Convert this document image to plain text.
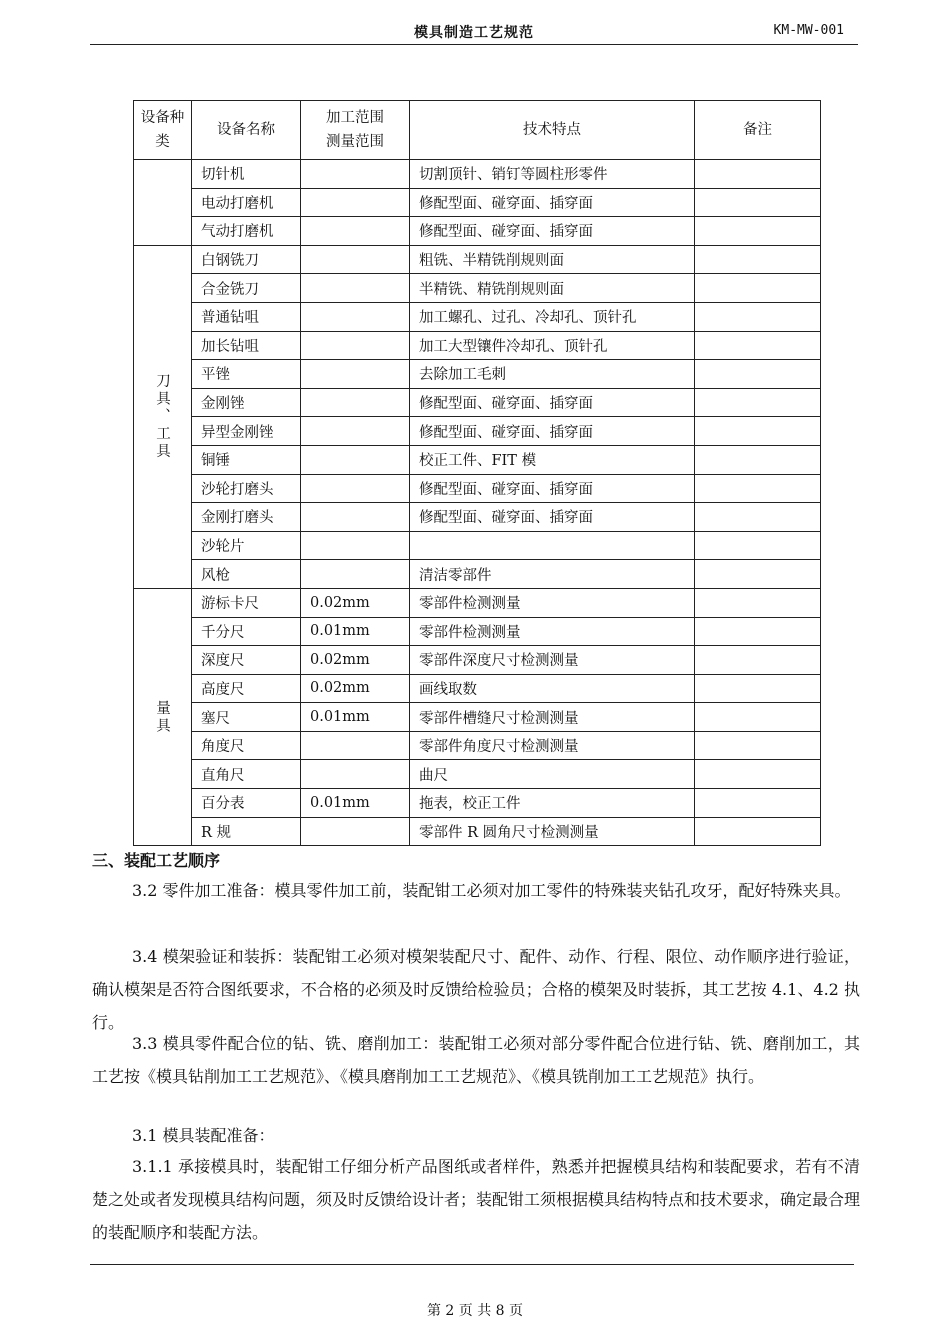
模具制造工艺规范	KM-MW-001
设备种类	设备名称	加工范围测量范围	技术特点	备注
	切针机		切割顶针、销钉等圆柱形零件	
	电动打磨机		修配型面、碰穿面、插穿面	
	气动打磨机		修配型面、碰穿面、插穿面	
刀具、工具	白钢铣刀		粗铣、半精铣削规则面	
	合金铣刀		半精铣、精铣削规则面	
	普通钻咀		加工螺孔、过孔、冷却孔、顶针孔	
	加长钻咀		加工大型镶件冷却孔、顶针孔	
	平锉		去除加工毛刺	
	金刚锉		修配型面、碰穿面、插穿面	
	异型金刚锉		修配型面、碰穿面、插穿面	
	铜锤		校正工件、FIT 模	
	沙轮打磨头		修配型面、碰穿面、插穿面	
	金刚打磨头		修配型面、碰穿面、插穿面	
	沙轮片			
	风枪		清洁零部件	
量具	游标卡尺	0.02mm	零部件检测测量	
	千分尺	0.01mm	零部件检测测量	
	深度尺	0.02mm	零部件深度尺寸检测测量	
	高度尺	0.02mm	画线取数	
	塞尺	0.01mm	零部件槽缝尺寸检测测量	
	角度尺		零部件角度尺寸检测测量	
	直角尺		曲尺	
	百分表	0.01mm	拖表，校正工件	
	R 规		零部件 R 圆角尺寸检测测量	
三、装配工艺顺序

3.2 零件加工准备：模具零件加工前，装配钳工必须对加工零件的特殊装夹钻孔攻牙，配好特殊夹具。

3.4 模架验证和装拆：装配钳工必须对模架装配尺寸、配件、动作、行程、限位、动作顺序进行验证，确认模架是否符合图纸要求，不合格的必须及时反馈给检验员；合格的模架及时装拆，其工艺按 4.1、4.2 执行。

3.3 模具零件配合位的钻、铣、磨削加工：装配钳工必须对部分零件配合位进行钻、铣、磨削加工，其工艺按《模具钻削加工工艺规范》、《模具磨削加工工艺规范》、《模具铣削加工工艺规范》执行。

3.1 模具装配准备：

3.1.1 承接模具时，装配钳工仔细分析产品图纸或者样件，熟悉并把握模具结构和装配要求，若有不清楚之处或者发现模具结构问题，须及时反馈给设计者；装配钳工须根据模具结构特点和技术要求，确定最合理的装配顺序和装配方法。

第 2 页 共 8 页
